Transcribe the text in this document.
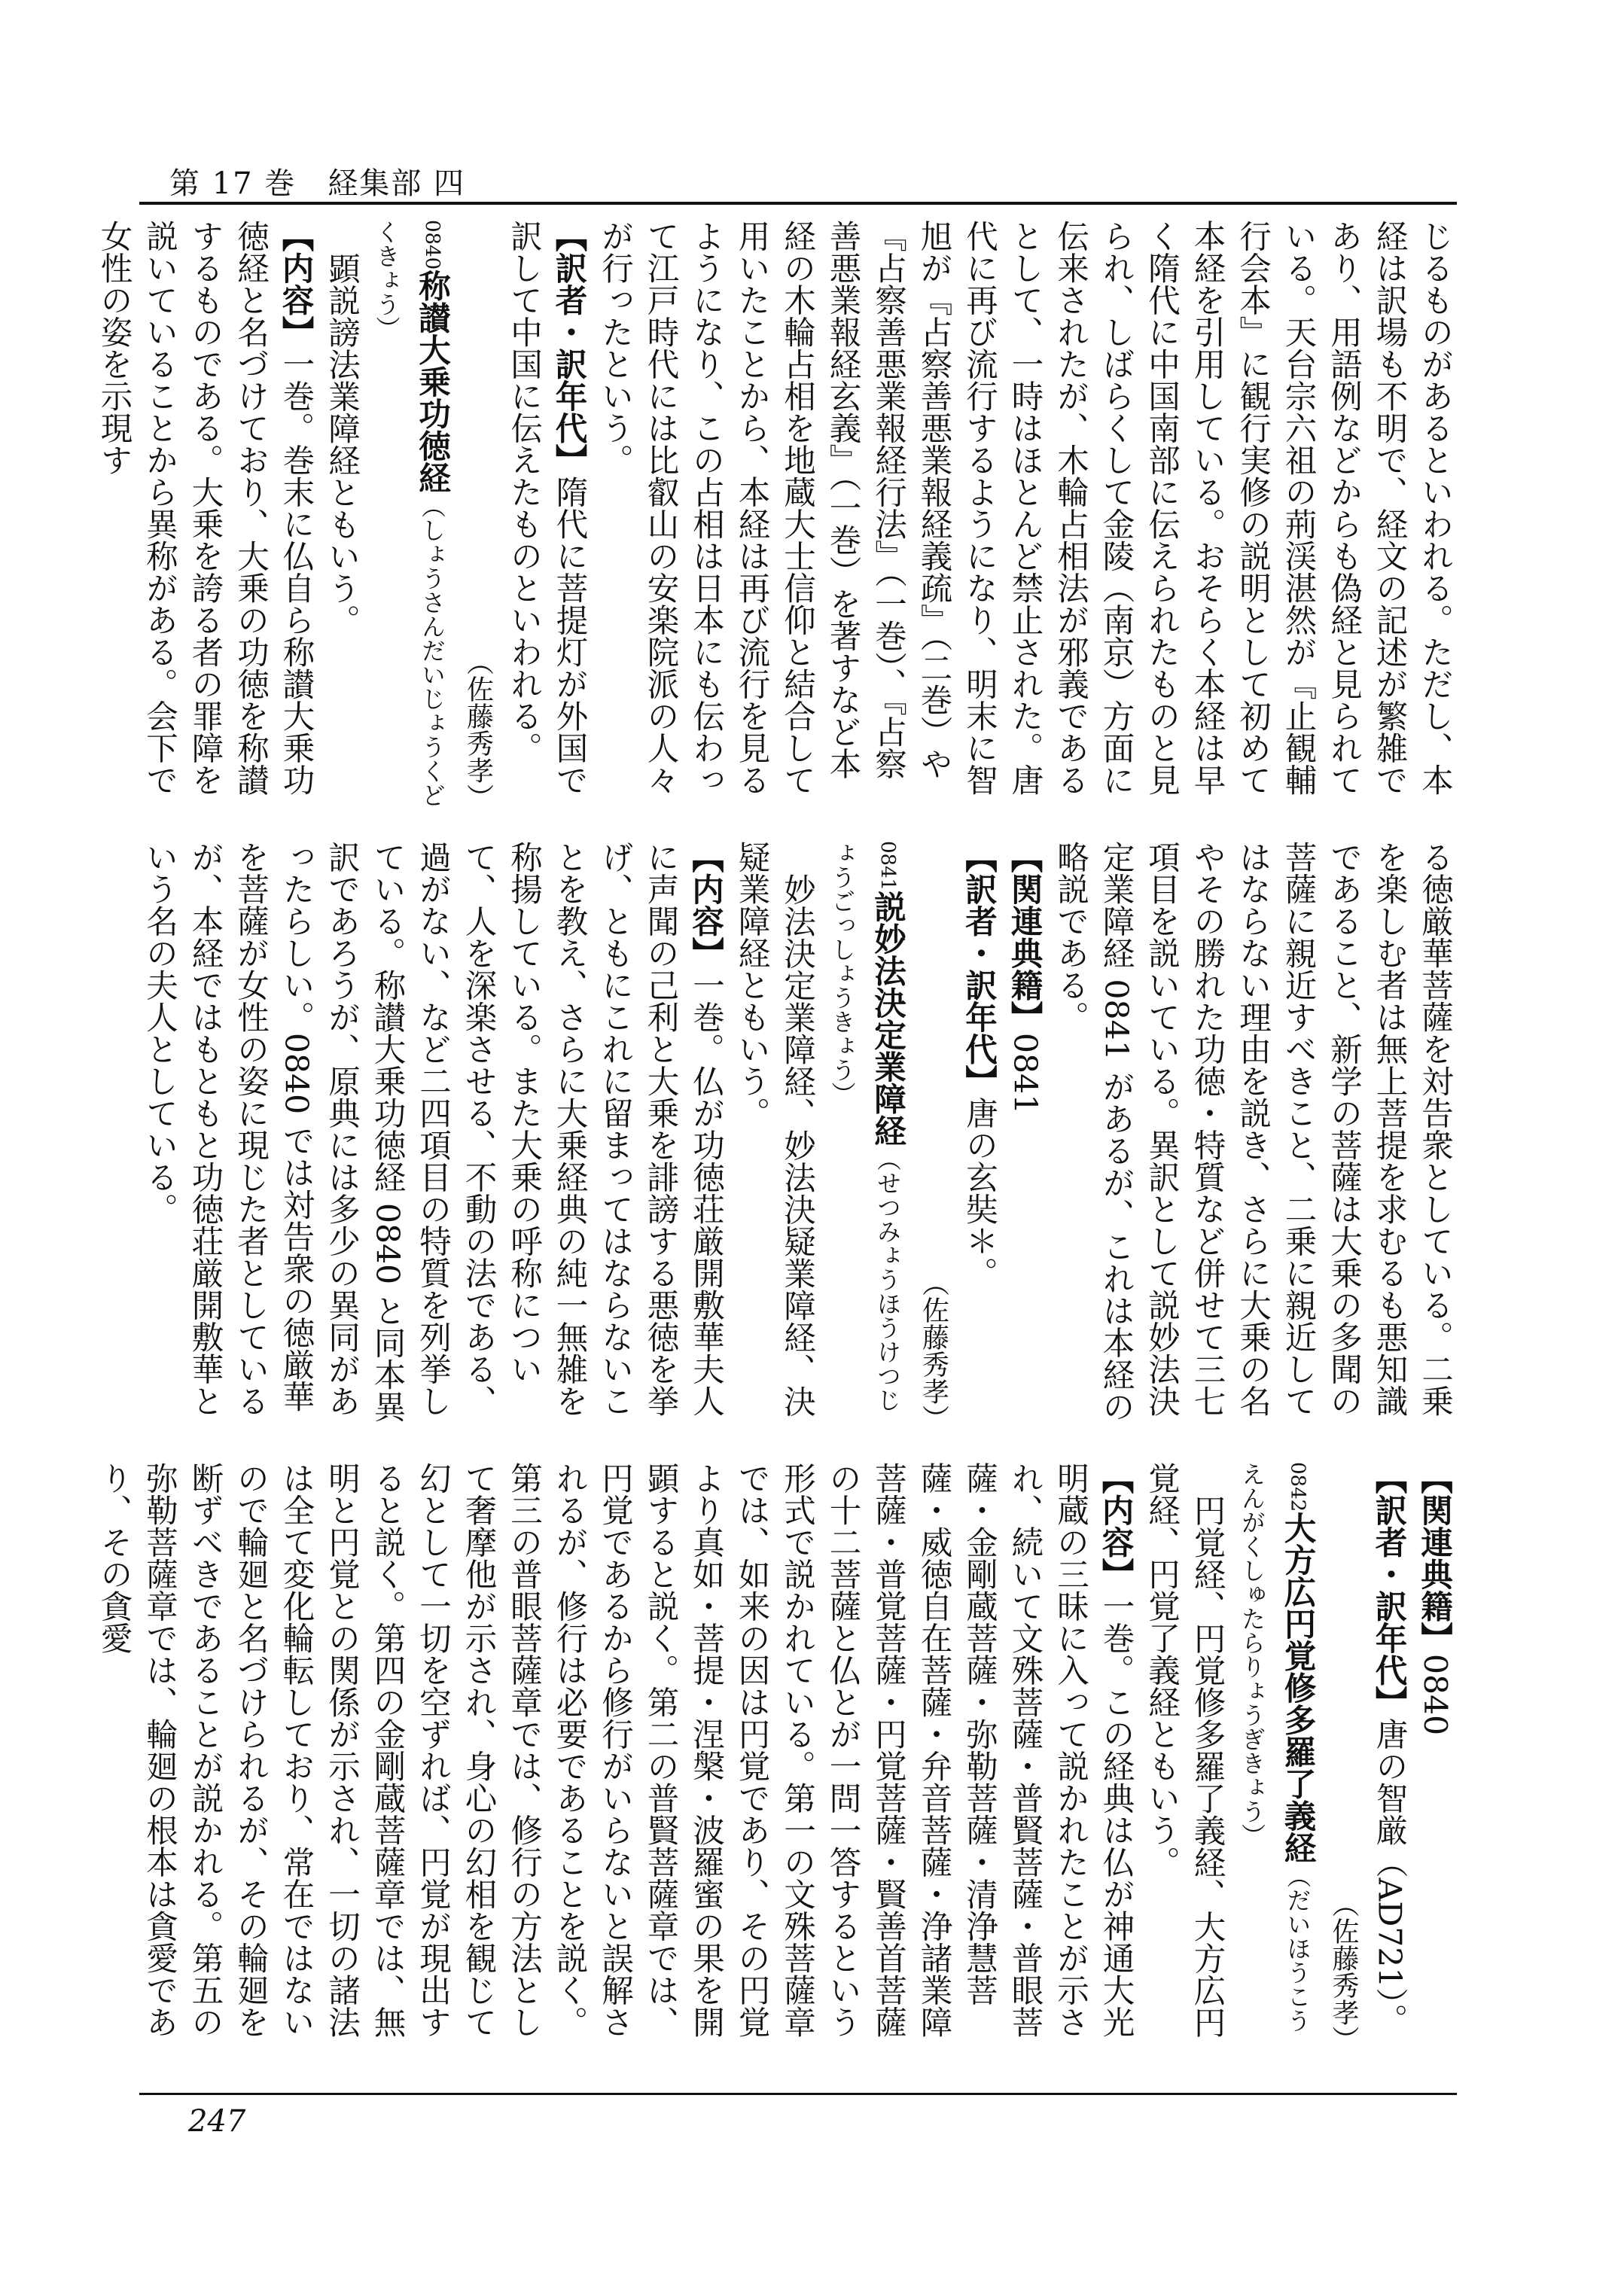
第 17 巻　経集部 四

じるものがあるといわれる。ただし、本経は訳場も不明で、経文の記述が繁雑であり、用語例などからも偽経と見られている。天台宗六祖の荊渓湛然が『止観輔行会本』に観行実修の説明として初めて本経を引用している。おそらく本経は早く隋代に中国南部に伝えられたものと見られ、しばらくして金陵（南京）方面に伝来されたが、木輪占相法が邪義であるとして、一時はほとんど禁止された。唐代に再び流行するようになり、明末に智旭が『占察善悪業報経義疏』（二巻）や『占察善悪業報経行法』（一巻）、『占察善悪業報経玄義』（一巻）を著すなど本経の木輪占相を地蔵大士信仰と結合して用いたことから、本経は再び流行を見るようになり、この占相は日本にも伝わって江戸時代には比叡山の安楽院派の人々が行ったという。

【訳者・訳年代】隋代に菩提灯が外国で訳して中国に伝えたものといわれる。
（佐藤秀孝）

0840称讃大乗功徳経（しょうさんだいじょうくどくきょう）

顕説謗法業障経ともいう。

【内容】一巻。巻末に仏自ら称讃大乗功徳経と名づけており、大乗の功徳を称讃するものである。大乗を誇る者の罪障を説いていることから異称がある。会下で女性の姿を示現す

る徳厳華菩薩を対告衆としている。二乗を楽しむ者は無上菩提を求むるも悪知識であること、新学の菩薩は大乗の多聞の菩薩に親近すべきこと、二乗に親近してはならない理由を説き、さらに大乗の名やその勝れた功徳・特質など併せて三七項目を説いている。異訳として説妙法決定業障経 0841 があるが、これは本経の略説である。

【関連典籍】0841

【訳者・訳年代】唐の玄奘＊。
（佐藤秀孝）

0841説妙法決定業障経（せつみょうほうけつじょうごっしょうきょう）

妙法決定業障経、妙法決疑業障経、決疑業障経ともいう。

【内容】一巻。仏が功徳荘厳開敷華夫人に声聞の己利と大乗を誹謗する悪徳を挙げ、ともにこれに留まってはならないことを教え、さらに大乗経典の純一無雑を称揚している。また大乗の呼称について、人を深楽させる、不動の法である、過がない、など二四項目の特質を列挙している。称讃大乗功徳経 0840 と同本異訳であろうが、原典には多少の異同があったらしい。0840 では対告衆の徳厳華を菩薩が女性の姿に現じた者としているが、本経ではもともと功徳荘厳開敷華という名の夫人としている。

【関連典籍】0840

【訳者・訳年代】唐の智厳（AD721）。
（佐藤秀孝）

0842大方広円覚修多羅了義経（だいほうこうえんがくしゅたらりょうぎきょう）

円覚経、円覚修多羅了義経、大方広円覚経、円覚了義経ともいう。

【内容】一巻。この経典は仏が神通大光明蔵の三昧に入って説かれたことが示され、続いて文殊菩薩・普賢菩薩・普眼菩薩・金剛蔵菩薩・弥勒菩薩・清浄慧菩薩・威徳自在菩薩・弁音菩薩・浄諸業障菩薩・普覚菩薩・円覚菩薩・賢善首菩薩の十二菩薩と仏とが一問一答するという形式で説かれている。第一の文殊菩薩章では、如来の因は円覚であり、その円覚より真如・菩提・涅槃・波羅蜜の果を開顕すると説く。第二の普賢菩薩章では、円覚であるから修行がいらないと誤解されるが、修行は必要であることを説く。第三の普眼菩薩章では、修行の方法として奢摩他が示され、身心の幻相を観じて幻として一切を空ずれば、円覚が現出すると説く。第四の金剛蔵菩薩章では、無明と円覚との関係が示され、一切の諸法は全て変化輪転しており、常在ではないので輪廻と名づけられるが、その輪廻を断ずべきであることが説かれる。第五の弥勒菩薩章では、輪廻の根本は貪愛であり、その貪愛

247
